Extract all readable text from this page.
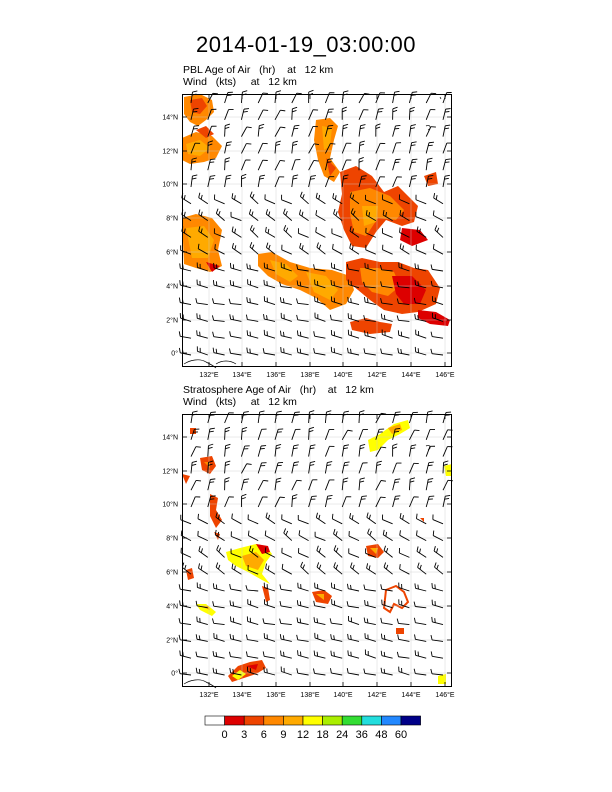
2014-01-19_03:00:00
PBL Age of Air (hr) at 12 km
Wind (kts) at 12 km
Stratosphere Age of Air (hr) at 12 km
Wind (kts) at 12 km
132°E 134°E 136°E 138°E 140°E 142°E 144°E 146°E
0°
2°N
4°N
6°N
8°N
10°N
12°N
14°N
132°E 134°E 136°E 138°E 140°E 142°E 144°E 146°E
0°
2°N
4°N
6°N
8°N
10°N
12°N
14°N
0 3 6 9 12 18 24 36 48 60
